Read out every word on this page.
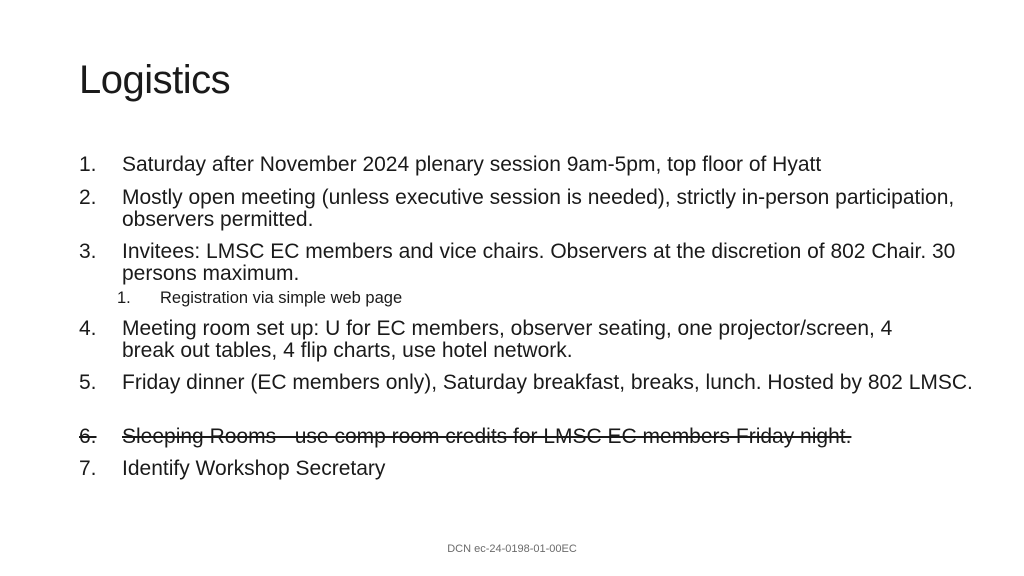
Logistics
1. Saturday after November 2024 plenary session 9am-5pm, top floor of Hyatt
2. Mostly open meeting (unless executive session is needed), strictly in-person participation, observers permitted.
3. Invitees: LMSC EC members and vice chairs. Observers at the discretion of 802 Chair. 30 persons maximum.
1. Registration via simple web page
4. Meeting room set up: U for EC members, observer seating, one projector/screen, 4 break out tables, 4 flip charts, use hotel network.
5. Friday dinner (EC members only), Saturday breakfast, breaks, lunch. Hosted by 802 LMSC.
6. Sleeping Rooms - use comp room credits for LMSC EC members Friday night.
7. Identify Workshop Secretary
DCN ec-24-0198-01-00EC
